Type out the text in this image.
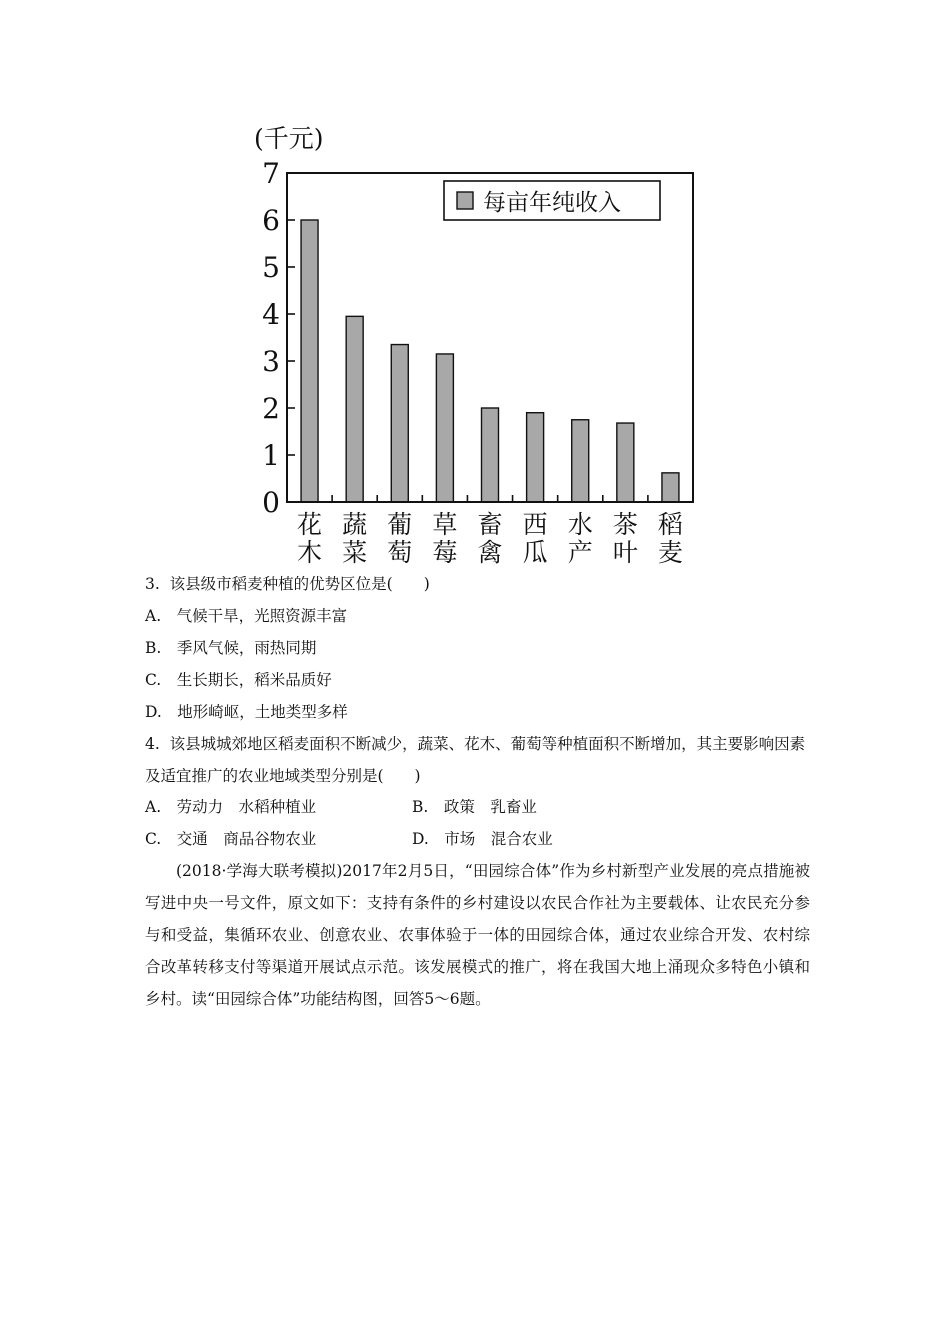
(千元)
0
1
2
3
4
5
6
7
花
木
蔬
菜
葡
萄
草
莓
畜
禽
西
瓜
水
产
茶
叶
稻
麦
每亩年纯收入
3. 该县级市稻麦种植的优势区位是(　　)
A.　气候干旱，光照资源丰富
B.　季风气候，雨热同期
C.　生长期长，稻米品质好
D.　地形崎岖，土地类型多样
4. 该县城城郊地区稻麦面积不断减少，蔬菜、花木、葡萄等种植面积不断增加，其主要影响因素及适宜推广的农业地域类型分别是(　　)
A.　劳动力　水稻种植业	B.　政策　乳畜业
C.　交通　商品谷物农业	D.　市场　混合农业
(2018·学海大联考模拟)2017年2月5日，“田园综合体”作为乡村新型产业发展的亮点措施被写进中央一号文件，原文如下：支持有条件的乡村建设以农民合作社为主要载体、让农民充分参与和受益，集循环农业、创意农业、农事体验于一体的田园综合体，通过农业综合开发、农村综合改革转移支付等渠道开展试点示范。该发展模式的推广，将在我国大地上涌现众多特色小镇和乡村。读“田园综合体”功能结构图，回答5～6题。
